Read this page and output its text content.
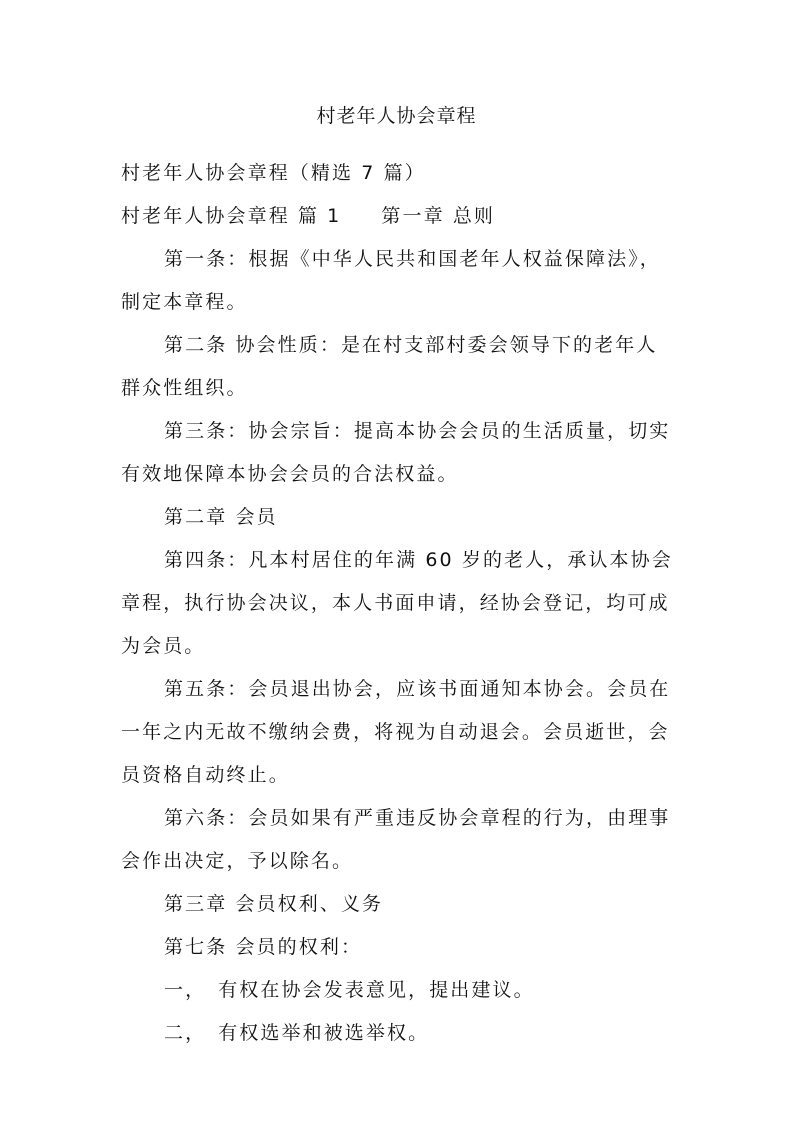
村老年人协会章程
村老年人协会章程（精选 7 篇）
村老年人协会章程 篇 1 第一章 总则
第一条：根据《中华人民共和国老年人权益保障法》，
制定本章程。
第二条 协会性质：是在村支部村委会领导下的老年人
群众性组织。
第三条：协会宗旨：提高本协会会员的生活质量，切实
有效地保障本协会会员的合法权益。
第二章 会员
第四条：凡本村居住的年满 60 岁的老人，承认本协会
章程，执行协会决议，本人书面申请，经协会登记，均可成
为会员。
第五条：会员退出协会，应该书面通知本协会。会员在
一年之内无故不缴纳会费，将视为自动退会。会员逝世，会
员资格自动终止。
第六条：会员如果有严重违反协会章程的行为，由理事
会作出决定，予以除名。
第三章 会员权利、义务
第七条 会员的权利：
一， 有权在协会发表意见，提出建议。
二， 有权选举和被选举权。
